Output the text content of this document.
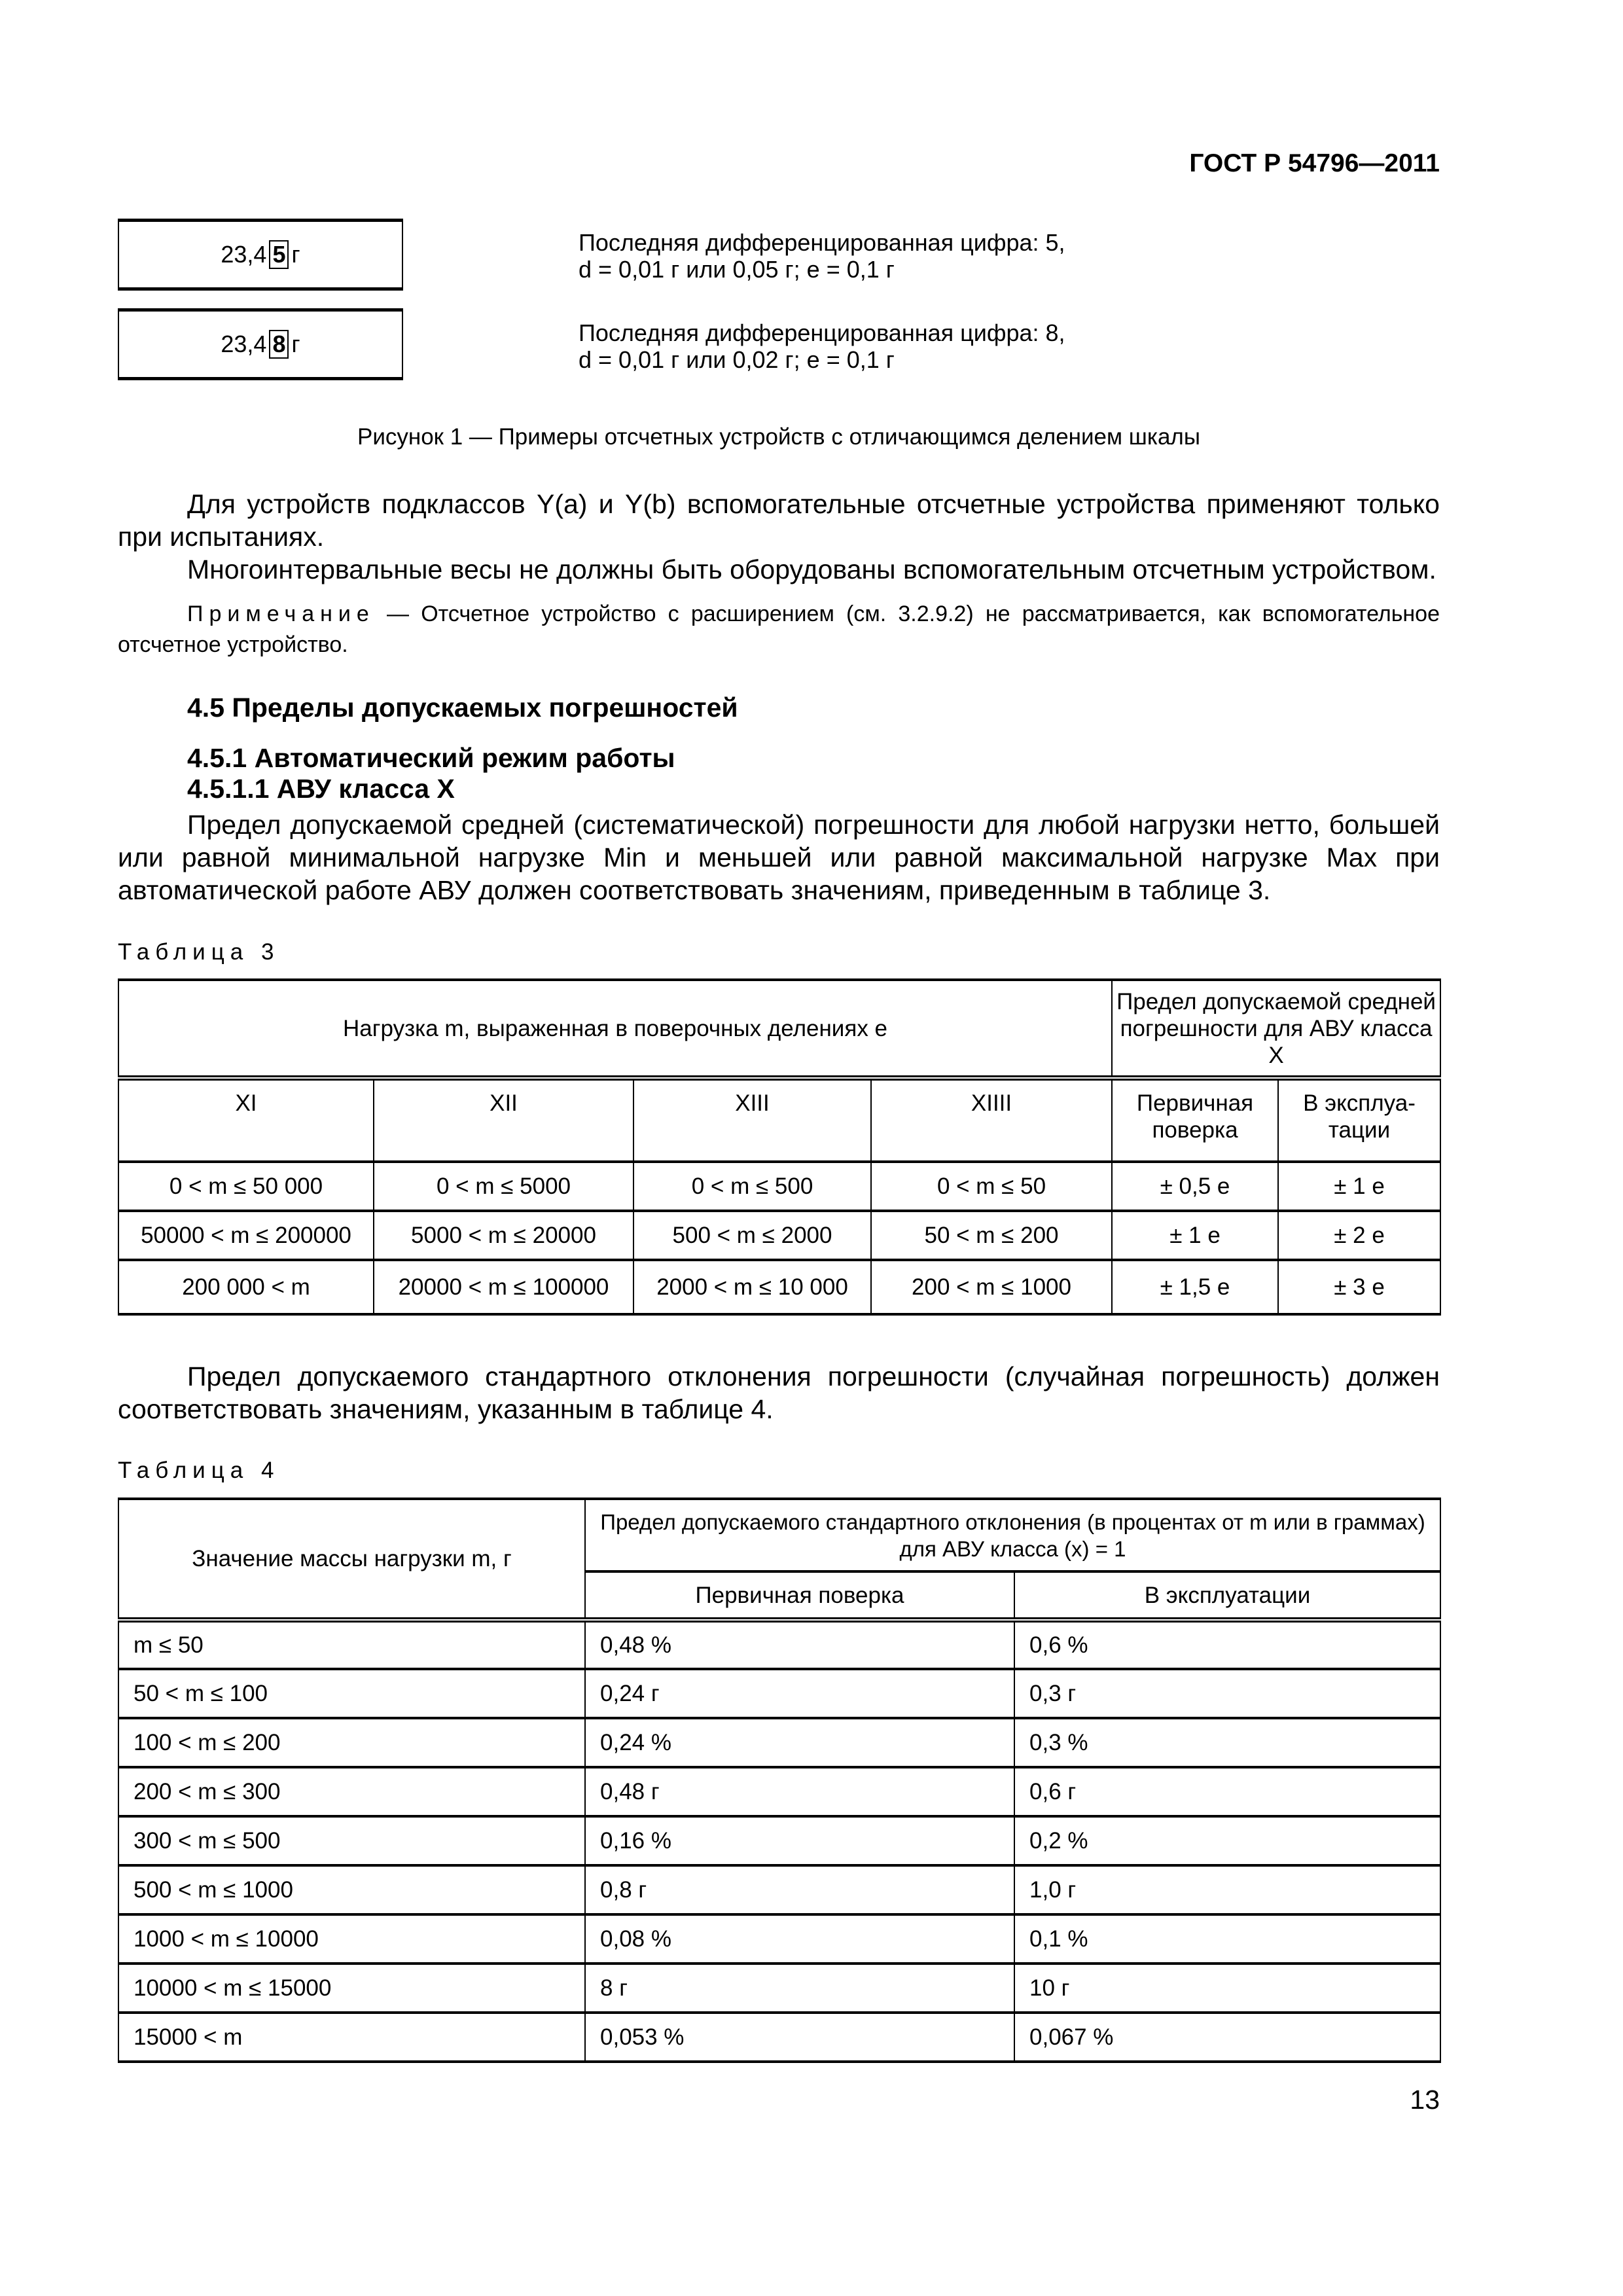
ГОСТ Р 54796—2011
23,4 5 г	Последняя дифференцированная цифра: 5,
d = 0,01 г или 0,05 г; e = 0,1 г
23,4 8 г	Последняя дифференцированная цифра: 8,
d = 0,01 г или 0,02 г; e = 0,1 г
Рисунок 1 — Примеры отсчетных устройств с отличающимся делением шкалы
Для устройств подклассов Y(a) и Y(b) вспомогательные отсчетные устройства применяют только при испытаниях.
Многоинтервальные весы не должны быть оборудованы вспомогательным отсчетным устройством.
Примечание — Отсчетное устройство с расширением (см. 3.2.9.2) не рассматривается, как вспомогательное отсчетное устройство.
4.5 Пределы допускаемых погрешностей
4.5.1 Автоматический режим работы
4.5.1.1 АВУ класса X
Предел допускаемой средней (систематической) погрешности для любой нагрузки нетто, большей или равной минимальной нагрузке Min и меньшей или равной максимальной нагрузке Max при автоматической работе АВУ должен соответствовать значениям, приведенным в таблице 3.
Таблица 3
Нагрузка m, выраженная в поверочных делениях e				Предел допускаемой средней погрешности для АВУ класса X	
XI	XII	XIII	XIIII	Первичная поверка	В эксплуа-тации
0 < m ≤ 50 000	0 < m ≤ 5000	0 < m ≤ 500	0 < m ≤ 50	± 0,5 e	± 1 e
50000 < m ≤ 200000	5000 < m ≤ 20000	500 < m ≤ 2000	50 < m ≤ 200	± 1 e	± 2 e
200 000 < m	20000 < m ≤ 100000	2000 < m ≤ 10 000	200 < m ≤ 1000	± 1,5 e	± 3 e
Предел допускаемого стандартного отклонения погрешности (случайная погрешность) должен соответствовать значениям, указанным в таблице 4.
Таблица 4
Значение массы нагрузки m, г	Предел допускаемого стандартного отклонения (в процентах от m или в граммах) для АВУ класса (x) = 1	
	Первичная поверка	В эксплуатации
m ≤ 50	0,48 %	0,6 %
50 < m ≤ 100	0,24 г	0,3 г
100 < m ≤ 200	0,24 %	0,3 %
200 < m ≤ 300	0,48 г	0,6 г
300 < m ≤ 500	0,16 %	0,2 %
500 < m ≤ 1000	0,8 г	1,0 г
1000 < m ≤ 10000	0,08 %	0,1 %
10000 < m ≤ 15000	8 г	10 г
15000 < m	0,053 %	0,067 %
13
